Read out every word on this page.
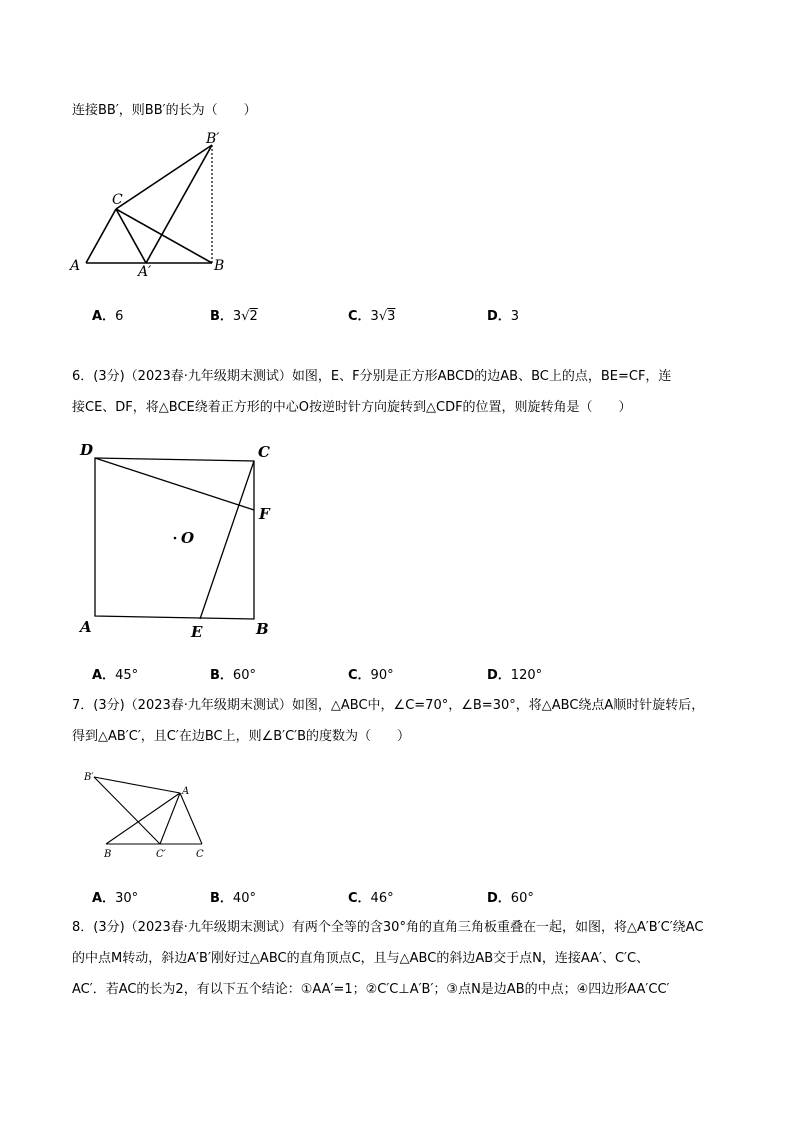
连接BB′，则BB′的长为（　　）
A	A′	B
B′
C
A．6	B．3√2	C．3√3	D．3
6．(3分)（2023春·九年级期末测试）如图，E、F分别是正方形ABCD的边AB、BC上的点，BE=CF，连
接CE、DF，将△BCE绕着正方形的中心O按逆时针方向旋转到△CDF的位置，则旋转角是（　　）
D	C
F
O
A	E	B
A．45°	B．60°	C．90°	D．120°
7．(3分)（2023春·九年级期末测试）如图，△ABC中，∠C=70°，∠B=30°，将△ABC绕点A顺时针旋转后，
得到△AB′C′，且C′在边BC上，则∠B′C′B的度数为（　　）
B′
A
B	C′	C
A．30°	B．40°	C．46°	D．60°
8．(3分)（2023春·九年级期末测试）有两个全等的含30°角的直角三角板重叠在一起，如图，将△A′B′C′绕AC
的中点M转动，斜边A′B′刚好过△ABC的直角顶点C，且与△ABC的斜边AB交于点N，连接AA′、C′C、
AC′．若AC的长为2，有以下五个结论：①AA′=1；②C′C⊥A′B′；③点N是边AB的中点；④四边形AA′CC′
